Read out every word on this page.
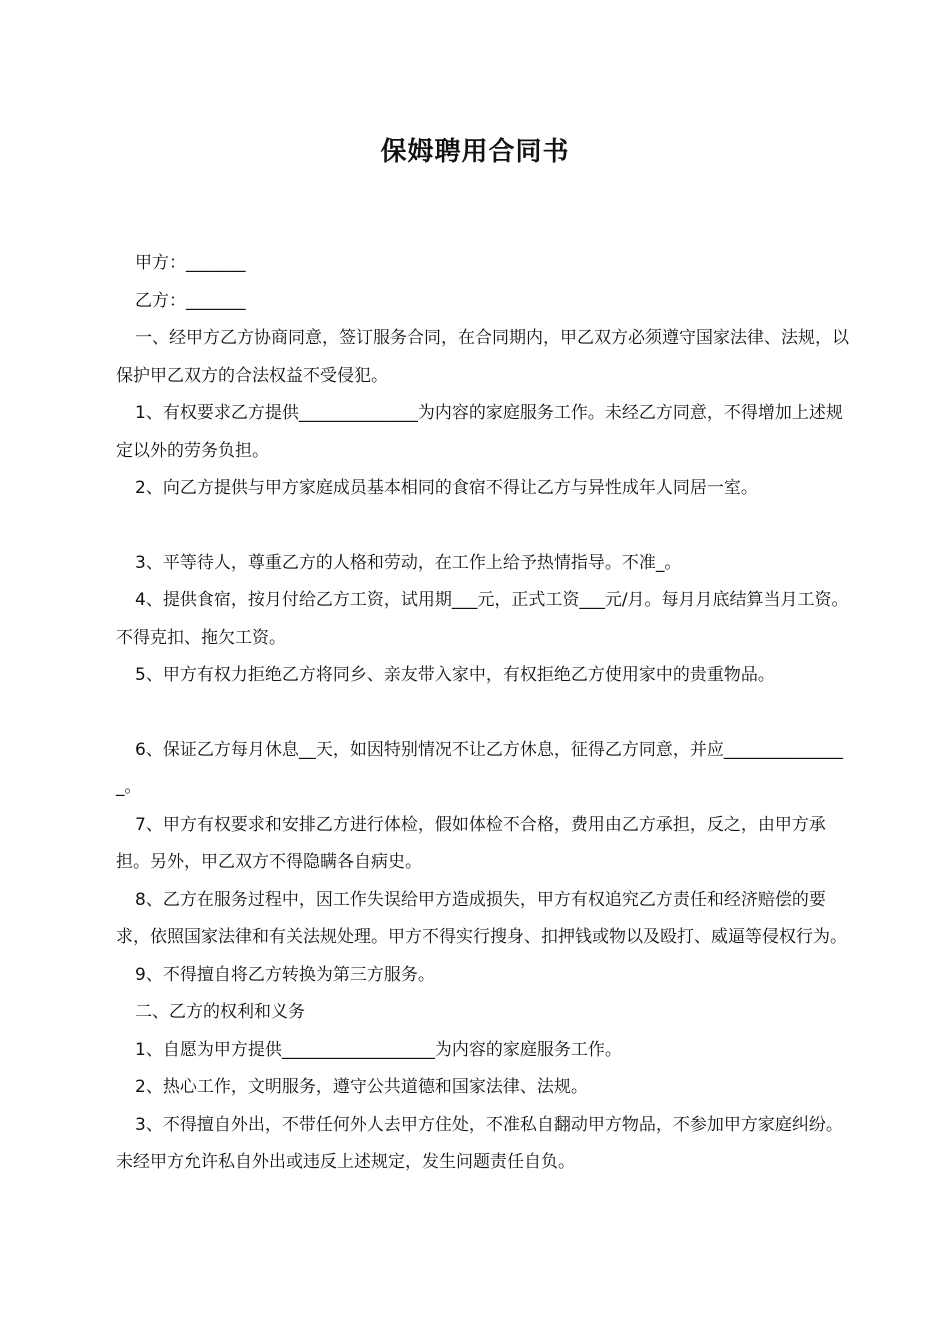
保姆聘用合同书

甲方：_______

乙方：_______

一、经甲方乙方协商同意，签订服务合同，在合同期内，甲乙双方必须遵守国家法律、法规，以保护甲乙双方的合法权益不受侵犯。

1、有权要求乙方提供______________为内容的家庭服务工作。未经乙方同意，不得增加上述规定以外的劳务负担。

2、向乙方提供与甲方家庭成员基本相同的食宿不得让乙方与异性成年人同居一室。

3、平等待人，尊重乙方的人格和劳动，在工作上给予热情指导。不准_。

4、提供食宿，按月付给乙方工资，试用期___元，正式工资___元/月。每月月底结算当月工资。不得克扣、拖欠工资。

5、甲方有权力拒绝乙方将同乡、亲友带入家中，有权拒绝乙方使用家中的贵重物品。

6、保证乙方每月休息__天，如因特别情况不让乙方休息，征得乙方同意，并应_______________。

7、甲方有权要求和安排乙方进行体检，假如体检不合格，费用由乙方承担，反之，由甲方承担。另外，甲乙双方不得隐瞒各自病史。

8、乙方在服务过程中，因工作失误给甲方造成损失，甲方有权追究乙方责任和经济赔偿的要求，依照国家法律和有关法规处理。甲方不得实行搜身、扣押钱或物以及殴打、威逼等侵权行为。

9、不得擅自将乙方转换为第三方服务。

二、乙方的权利和义务

1、自愿为甲方提供__________________为内容的家庭服务工作。

2、热心工作，文明服务，遵守公共道德和国家法律、法规。

3、不得擅自外出，不带任何外人去甲方住处，不准私自翻动甲方物品，不参加甲方家庭纠纷。未经甲方允许私自外出或违反上述规定，发生问题责任自负。
